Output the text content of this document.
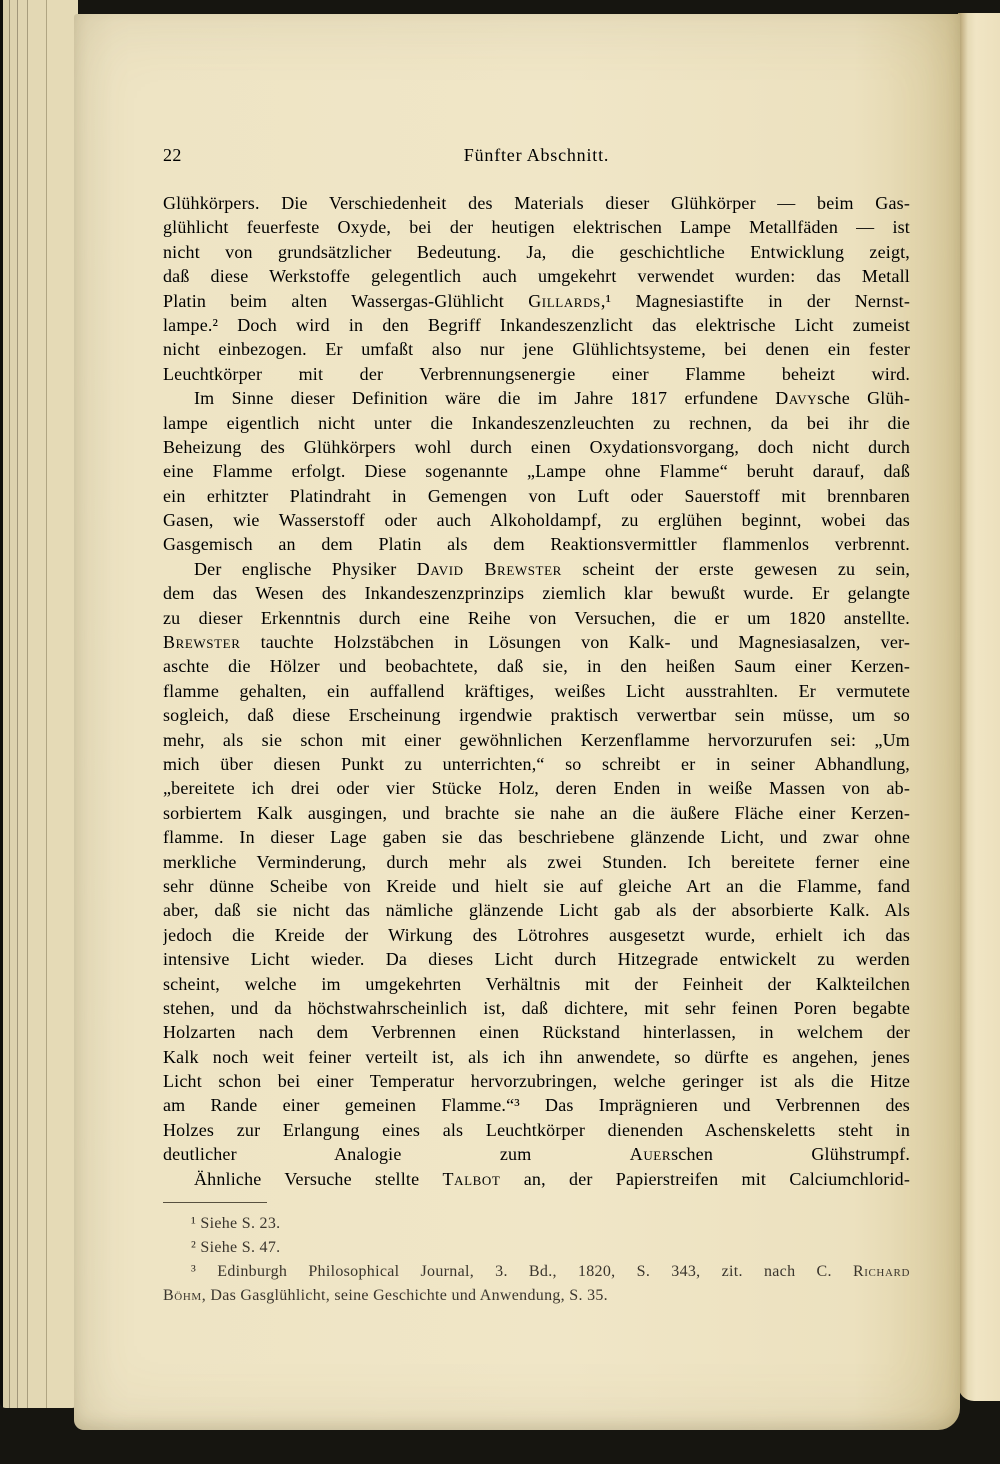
22	Fünfter Abschnitt.
Glühkörpers. Die Verschiedenheit des Materials dieser Glühkörper — beim Gas-
glühlicht feuerfeste Oxyde, bei der heutigen elektrischen Lampe Metallfäden — ist
nicht von grundsätzlicher Bedeutung. Ja, die geschichtliche Entwicklung zeigt,
daß diese Werkstoffe gelegentlich auch umgekehrt verwendet wurden: das Metall
Platin beim alten Wassergas-Glühlicht Gillards,¹ Magnesiastifte in der Nernst-
lampe.² Doch wird in den Begriff Inkandeszenzlicht das elektrische Licht zumeist
nicht einbezogen. Er umfaßt also nur jene Glühlichtsysteme, bei denen ein fester
Leuchtkörper mit der Verbrennungsenergie einer Flamme beheizt wird.
Im Sinne dieser Definition wäre die im Jahre 1817 erfundene Davysche Glüh-
lampe eigentlich nicht unter die Inkandeszenzleuchten zu rechnen, da bei ihr die
Beheizung des Glühkörpers wohl durch einen Oxydationsvorgang, doch nicht durch
eine Flamme erfolgt. Diese sogenannte „Lampe ohne Flamme“ beruht darauf, daß
ein erhitzter Platindraht in Gemengen von Luft oder Sauerstoff mit brennbaren
Gasen, wie Wasserstoff oder auch Alkoholdampf, zu erglühen beginnt, wobei das
Gasgemisch an dem Platin als dem Reaktionsvermittler flammenlos verbrennt.
Der englische Physiker David Brewster scheint der erste gewesen zu sein,
dem das Wesen des Inkandeszenzprinzips ziemlich klar bewußt wurde. Er gelangte
zu dieser Erkenntnis durch eine Reihe von Versuchen, die er um 1820 anstellte.
Brewster tauchte Holzstäbchen in Lösungen von Kalk- und Magnesiasalzen, ver-
aschte die Hölzer und beobachtete, daß sie, in den heißen Saum einer Kerzen-
flamme gehalten, ein auffallend kräftiges, weißes Licht ausstrahlten. Er vermutete
sogleich, daß diese Erscheinung irgendwie praktisch verwertbar sein müsse, um so
mehr, als sie schon mit einer gewöhnlichen Kerzenflamme hervorzurufen sei: „Um
mich über diesen Punkt zu unterrichten,“ so schreibt er in seiner Abhandlung,
„bereitete ich drei oder vier Stücke Holz, deren Enden in weiße Massen von ab-
sorbiertem Kalk ausgingen, und brachte sie nahe an die äußere Fläche einer Kerzen-
flamme. In dieser Lage gaben sie das beschriebene glänzende Licht, und zwar ohne
merkliche Verminderung, durch mehr als zwei Stunden. Ich bereitete ferner eine
sehr dünne Scheibe von Kreide und hielt sie auf gleiche Art an die Flamme, fand
aber, daß sie nicht das nämliche glänzende Licht gab als der absorbierte Kalk. Als
jedoch die Kreide der Wirkung des Lötrohres ausgesetzt wurde, erhielt ich das
intensive Licht wieder. Da dieses Licht durch Hitzegrade entwickelt zu werden
scheint, welche im umgekehrten Verhältnis mit der Feinheit der Kalkteilchen
stehen, und da höchstwahrscheinlich ist, daß dichtere, mit sehr feinen Poren begabte
Holzarten nach dem Verbrennen einen Rückstand hinterlassen, in welchem der
Kalk noch weit feiner verteilt ist, als ich ihn anwendete, so dürfte es angehen, jenes
Licht schon bei einer Temperatur hervorzubringen, welche geringer ist als die Hitze
am Rande einer gemeinen Flamme.“³ Das Imprägnieren und Verbrennen des
Holzes zur Erlangung eines als Leuchtkörper dienenden Aschenskeletts steht in
deutlicher Analogie zum Auerschen Glühstrumpf.
Ähnliche Versuche stellte Talbot an, der Papierstreifen mit Calciumchlorid-
¹ Siehe S. 23.
² Siehe S. 47.
³ Edinburgh Philosophical Journal, 3. Bd., 1820, S. 343, zit. nach C. Richard
Böhm, Das Gasglühlicht, seine Geschichte und Anwendung, S. 35.
